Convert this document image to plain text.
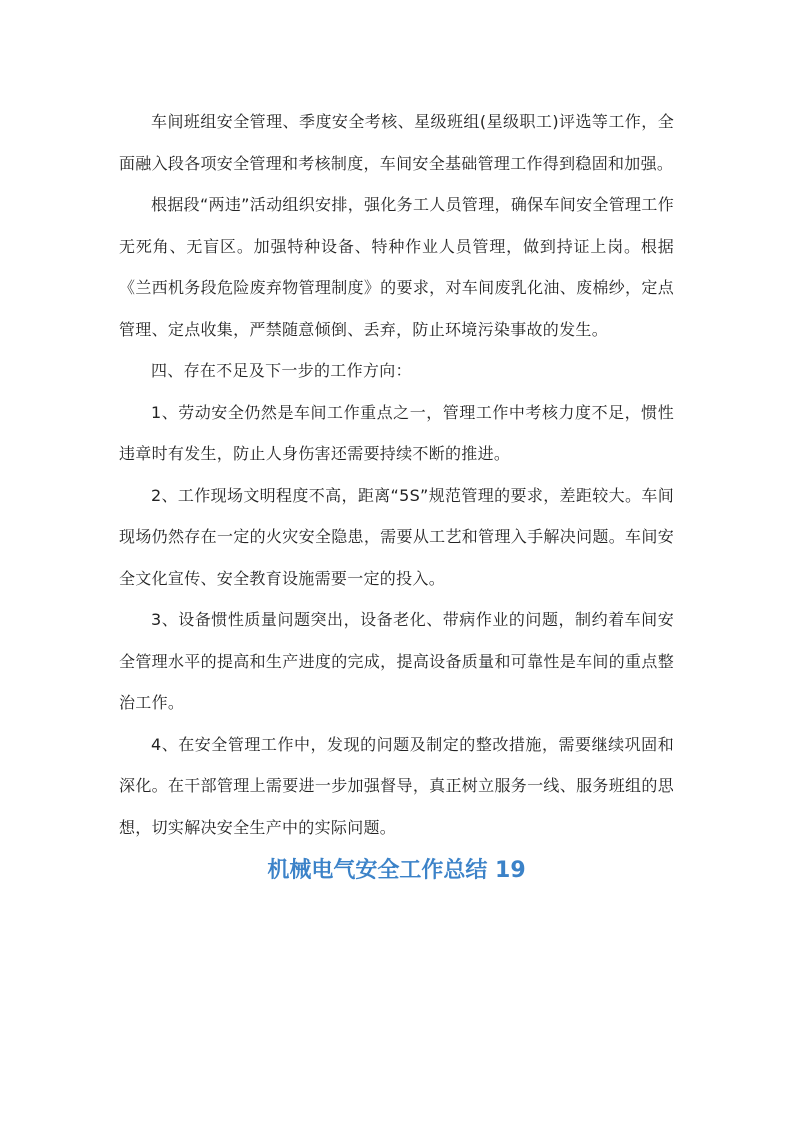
车间班组安全管理、季度安全考核、星级班组(星级职工)评选等工作，全面融入段各项安全管理和考核制度，车间安全基础管理工作得到稳固和加强。

根据段“两违”活动组织安排，强化务工人员管理，确保车间安全管理工作无死角、无盲区。加强特种设备、特种作业人员管理，做到持证上岗。根据《兰西机务段危险废弃物管理制度》的要求，对车间废乳化油、废棉纱，定点管理、定点收集，严禁随意倾倒、丢弃，防止环境污染事故的发生。

四、存在不足及下一步的工作方向：

1、劳动安全仍然是车间工作重点之一，管理工作中考核力度不足，惯性违章时有发生，防止人身伤害还需要持续不断的推进。

2、工作现场文明程度不高，距离“5S”规范管理的要求，差距较大。车间现场仍然存在一定的火灾安全隐患，需要从工艺和管理入手解决问题。车间安全文化宣传、安全教育设施需要一定的投入。

3、设备惯性质量问题突出，设备老化、带病作业的问题，制约着车间安全管理水平的提高和生产进度的完成，提高设备质量和可靠性是车间的重点整治工作。

4、在安全管理工作中，发现的问题及制定的整改措施，需要继续巩固和深化。在干部管理上需要进一步加强督导，真正树立服务一线、服务班组的思想，切实解决安全生产中的实际问题。

机械电气安全工作总结 19
